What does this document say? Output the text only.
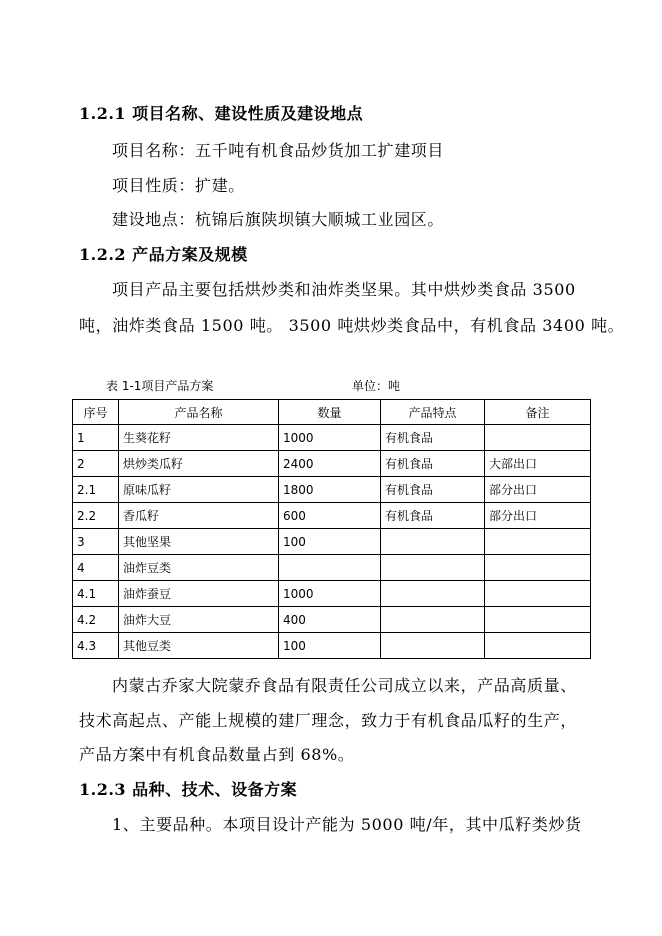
1.2.1 项目名称、建设性质及建设地点
项目名称：五千吨有机食品炒货加工扩建项目
项目性质：扩建。
建设地点：杭锦后旗陕坝镇大顺城工业园区。
1.2.2 产品方案及规模
项目产品主要包括烘炒类和油炸类坚果。其中烘炒类食品 3500
吨，油炸类食品 1500 吨。 3500 吨烘炒类食品中，有机食品 3400 吨。
表 1-1项目产品方案	单位：吨
序号	产品名称	数量	产品特点	备注
1	生葵花籽	1000	有机食品	
2	烘炒类瓜籽	2400	有机食品	大部出口
2.1	原味瓜籽	1800	有机食品	部分出口
2.2	香瓜籽	600	有机食品	部分出口
3	其他坚果	100		
4	油炸豆类			
4.1	油炸蚕豆	1000		
4.2	油炸大豆	400		
4.3	其他豆类	100		
内蒙古乔家大院蒙乔食品有限责任公司成立以来，产品高质量、
技术高起点、产能上规模的建厂理念，致力于有机食品瓜籽的生产，
产品方案中有机食品数量占到 68%。
1.2.3 品种、技术、设备方案
1、主要品种。本项目设计产能为 5000 吨/年，其中瓜籽类炒货
